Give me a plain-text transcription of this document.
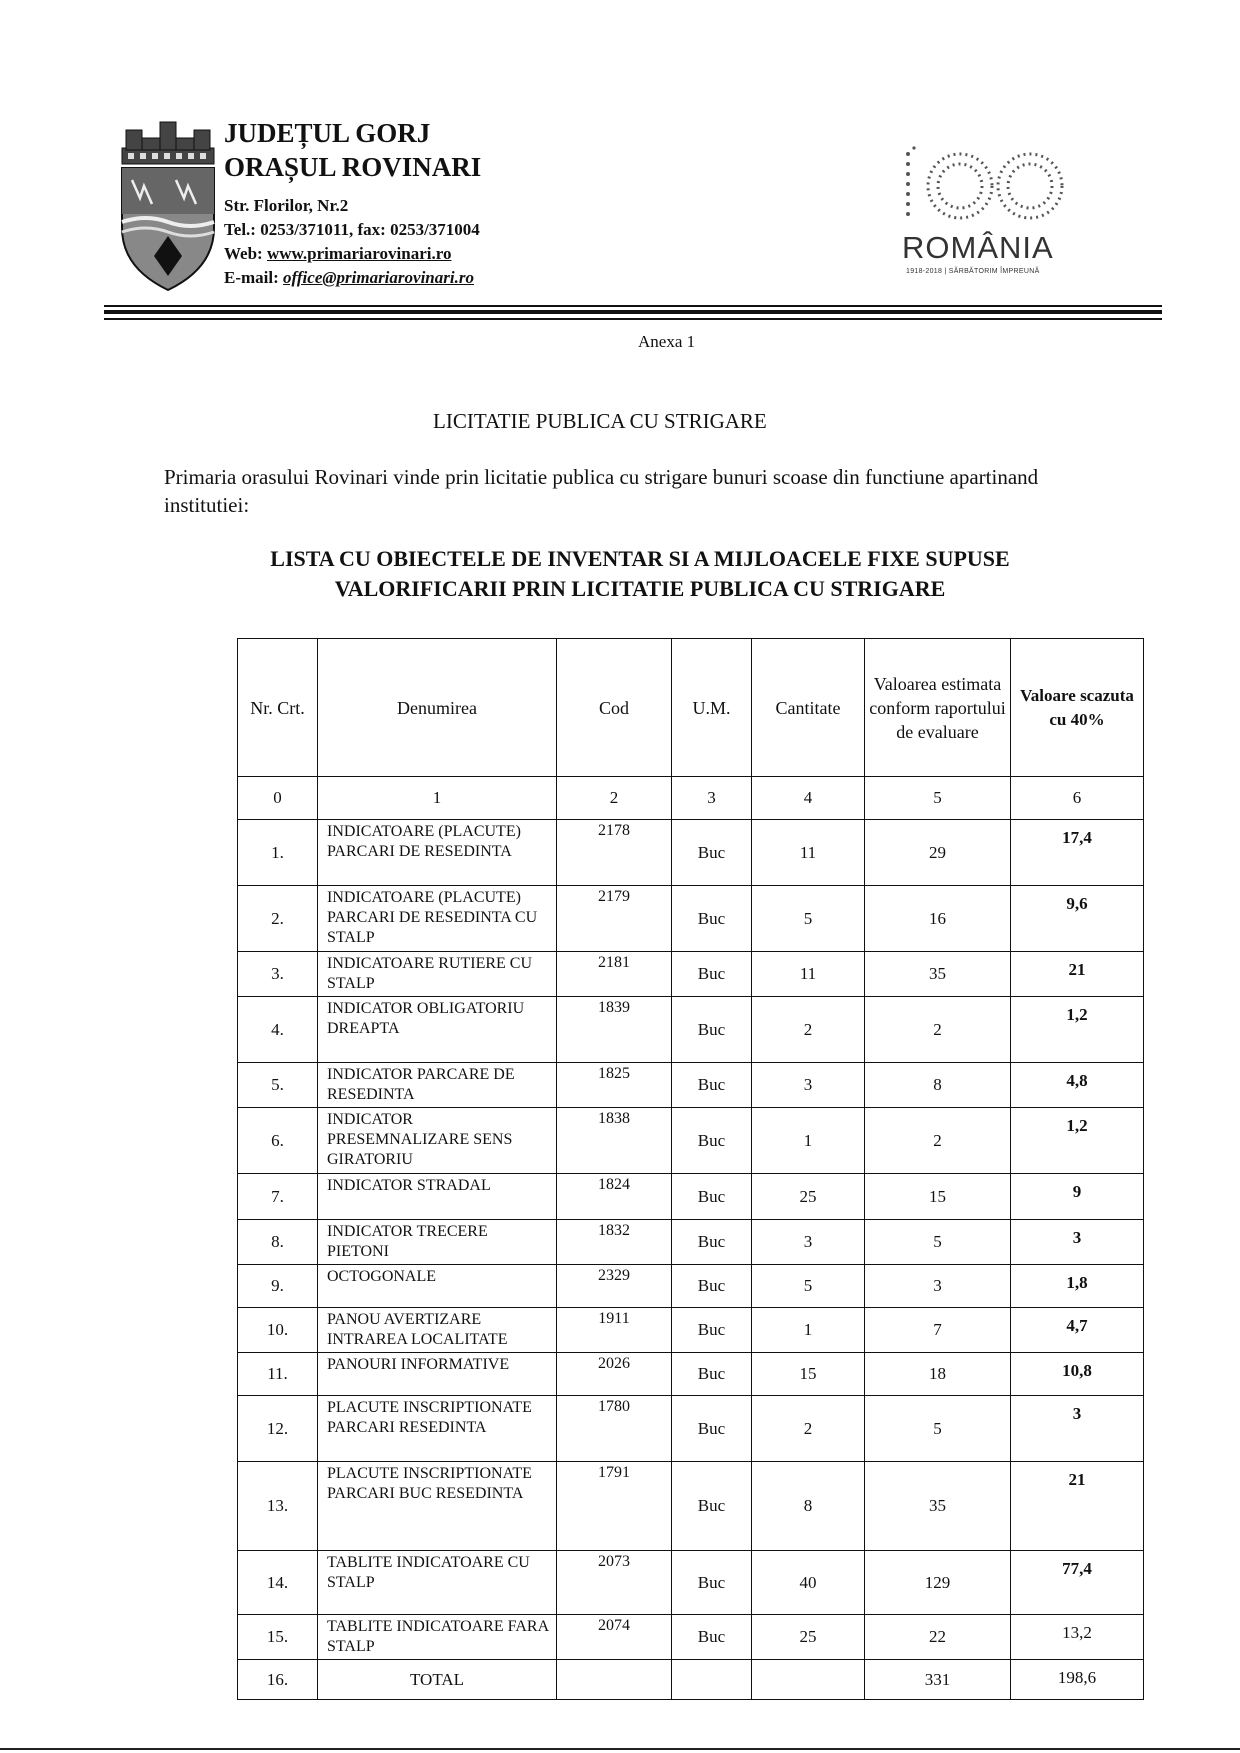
JUDEȚUL GORJ
ORAȘUL ROVINARI
Str. Florilor, Nr.2
Tel.: 0253/371011, fax: 0253/371004
Web: www.primariarovinari.ro
E-mail: office@primariarovinari.ro
ROMÂNIA
1918-2018 | SĂRBĂTORIM ÎMPREUNĂ
Anexa 1
LICITATIE PUBLICA CU STRIGARE
Primaria orasului Rovinari vinde prin licitatie publica cu strigare bunuri scoase din functiune apartinand institutiei:
LISTA CU OBIECTELE DE INVENTAR SI A MIJLOACELE FIXE SUPUSE VALORIFICARII PRIN LICITATIE PUBLICA CU STRIGARE
Nr. Crt.	Denumirea	Cod	U.M.	Cantitate	Valoarea estimata conform raportului de evaluare	Valoare scazuta cu 40%
0	1	2	3	4	5	6
1.	INDICATOARE (PLACUTE) PARCARI DE RESEDINTA	2178	Buc	11	29	17,4
2.	INDICATOARE (PLACUTE) PARCARI DE RESEDINTA CU STALP	2179	Buc	5	16	9,6
3.	INDICATOARE RUTIERE CU STALP	2181	Buc	11	35	21
4.	INDICATOR OBLIGATORIU DREAPTA	1839	Buc	2	2	1,2
5.	INDICATOR PARCARE DE RESEDINTA	1825	Buc	3	8	4,8
6.	INDICATOR PRESEMNALIZARE SENS GIRATORIU	1838	Buc	1	2	1,2
7.	INDICATOR STRADAL	1824	Buc	25	15	9
8.	INDICATOR TRECERE PIETONI	1832	Buc	3	5	3
9.	OCTOGONALE	2329	Buc	5	3	1,8
10.	PANOU AVERTIZARE INTRAREA LOCALITATE	1911	Buc	1	7	4,7
11.	PANOURI INFORMATIVE	2026	Buc	15	18	10,8
12.	PLACUTE INSCRIPTIONATE PARCARI RESEDINTA	1780	Buc	2	5	3
13.	PLACUTE INSCRIPTIONATE PARCARI BUC RESEDINTA	1791	Buc	8	35	21
14.	TABLITE INDICATOARE CU STALP	2073	Buc	40	129	77,4
15.	TABLITE INDICATOARE FARA STALP	2074	Buc	25	22	13,2
16.	TOTAL				331	198,6
